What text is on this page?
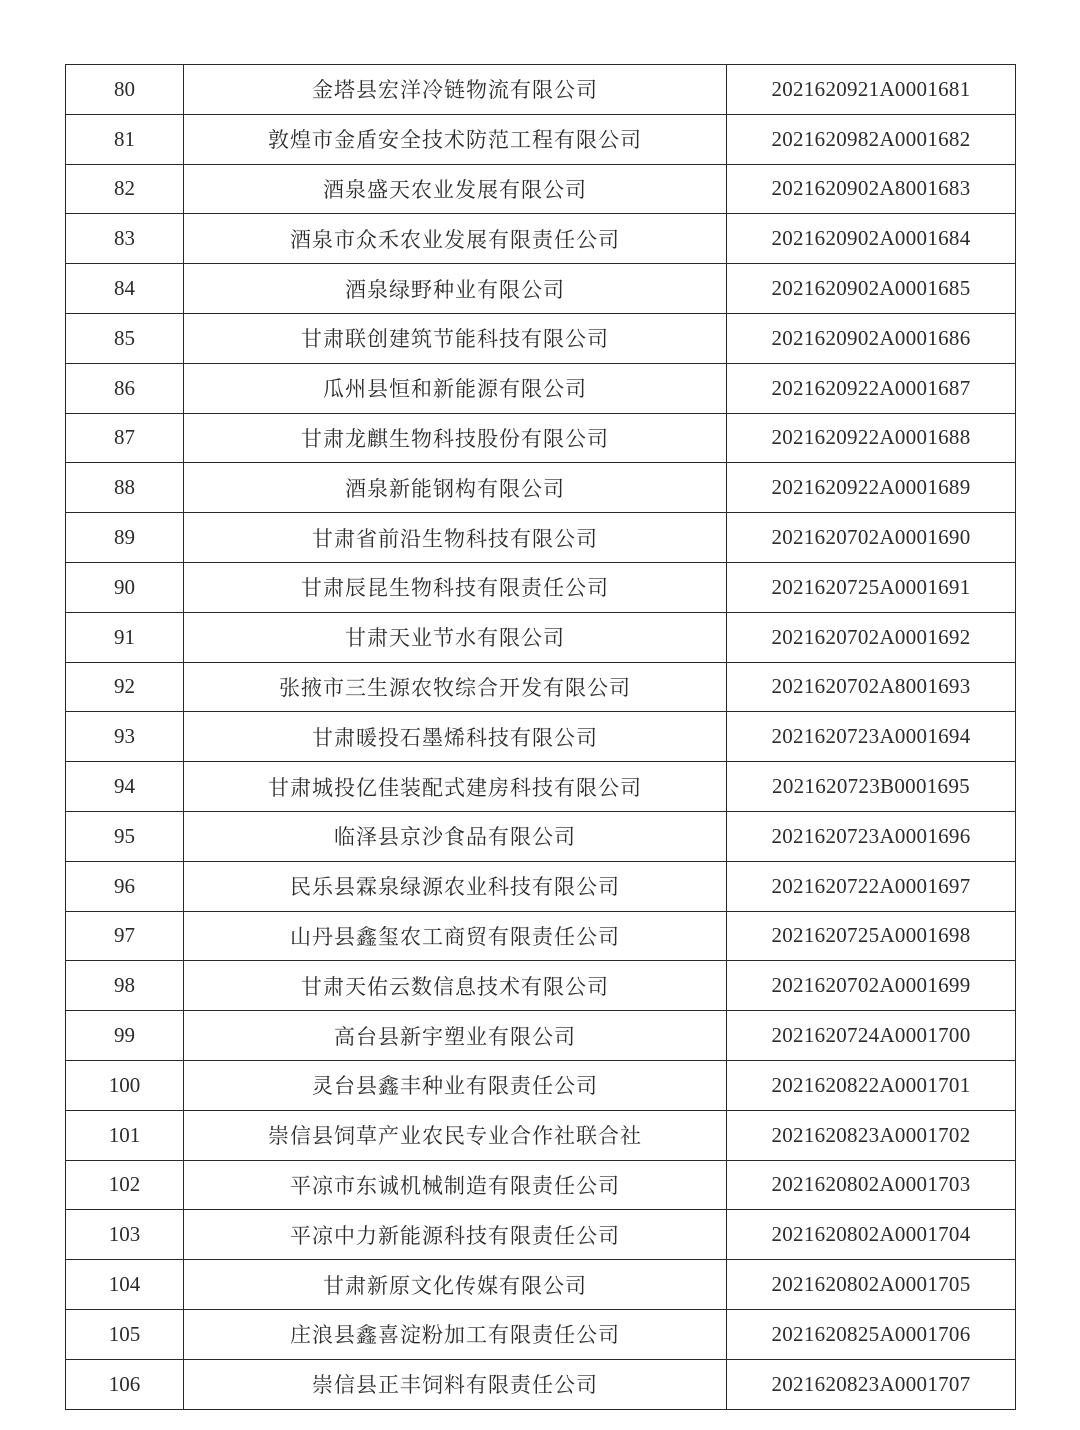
80	金塔县宏洋冷链物流有限公司	2021620921A0001681
81	敦煌市金盾安全技术防范工程有限公司	2021620982A0001682
82	酒泉盛天农业发展有限公司	2021620902A8001683
83	酒泉市众禾农业发展有限责任公司	2021620902A0001684
84	酒泉绿野种业有限公司	2021620902A0001685
85	甘肃联创建筑节能科技有限公司	2021620902A0001686
86	瓜州县恒和新能源有限公司	2021620922A0001687
87	甘肃龙麒生物科技股份有限公司	2021620922A0001688
88	酒泉新能钢构有限公司	2021620922A0001689
89	甘肃省前沿生物科技有限公司	2021620702A0001690
90	甘肃辰昆生物科技有限责任公司	2021620725A0001691
91	甘肃天业节水有限公司	2021620702A0001692
92	张掖市三生源农牧综合开发有限公司	2021620702A8001693
93	甘肃暖投石墨烯科技有限公司	2021620723A0001694
94	甘肃城投亿佳装配式建房科技有限公司	2021620723B0001695
95	临泽县京沙食品有限公司	2021620723A0001696
96	民乐县霖泉绿源农业科技有限公司	2021620722A0001697
97	山丹县鑫玺农工商贸有限责任公司	2021620725A0001698
98	甘肃天佑云数信息技术有限公司	2021620702A0001699
99	高台县新宇塑业有限公司	2021620724A0001700
100	灵台县鑫丰种业有限责任公司	2021620822A0001701
101	崇信县饲草产业农民专业合作社联合社	2021620823A0001702
102	平凉市东诚机械制造有限责任公司	2021620802A0001703
103	平凉中力新能源科技有限责任公司	2021620802A0001704
104	甘肃新原文化传媒有限公司	2021620802A0001705
105	庄浪县鑫喜淀粉加工有限责任公司	2021620825A0001706
106	崇信县正丰饲料有限责任公司	2021620823A0001707
